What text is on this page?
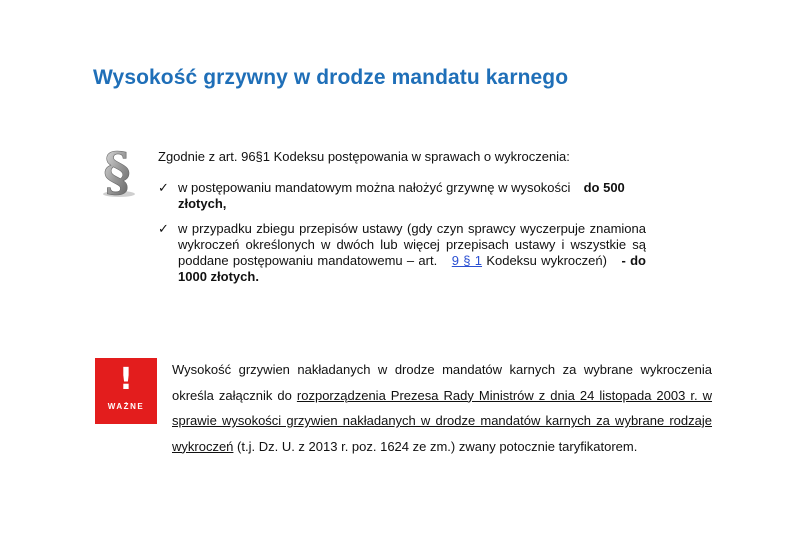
Wysokość grzywny w drodze mandatu karnego
§ Zgodnie z art. 96§1 Kodeksu postępowania w sprawach o wykroczenia:
✓ w postępowaniu mandatowym można nałożyć grzywnę w wysokości do 500 złotych,
✓ w przypadku zbiegu przepisów ustawy (gdy czyn sprawcy wyczerpuje znamiona wykroczeń określonych w dwóch lub więcej przepisach ustawy i wszystkie są poddane postępowaniu mandatowemu – art. 9 § 1 Kodeksu wykroczeń) - do 1000 złotych.
!
WAŻNE
Wysokość grzywien nakładanych w drodze mandatów karnych za wybrane wykroczenia określa załącznik do rozporządzenia Prezesa Rady Ministrów z dnia 24 listopada 2003 r. w sprawie wysokości grzywien nakładanych w drodze mandatów karnych za wybrane rodzaje wykroczeń (t.j. Dz. U. z 2013 r. poz. 1624 ze zm.) zwany potocznie taryfikatorem.
